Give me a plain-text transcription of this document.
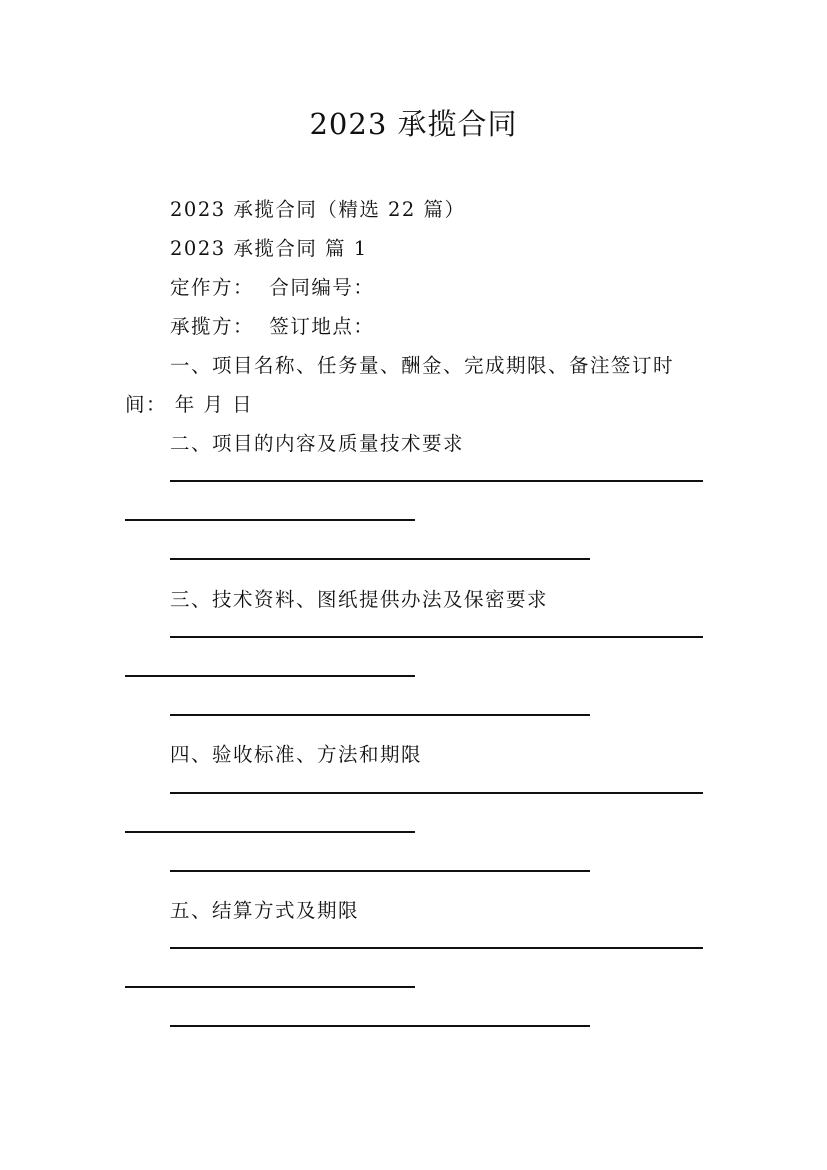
2023 承揽合同
2023 承揽合同（精选 22 篇）
2023 承揽合同 篇 1
定作方： 合同编号：
承揽方： 签订地点：
一、项目名称、任务量、酬金、完成期限、备注签订时
间： 年 月 日
二、项目的内容及质量技术要求
三、技术资料、图纸提供办法及保密要求
四、验收标准、方法和期限
五、结算方式及期限
